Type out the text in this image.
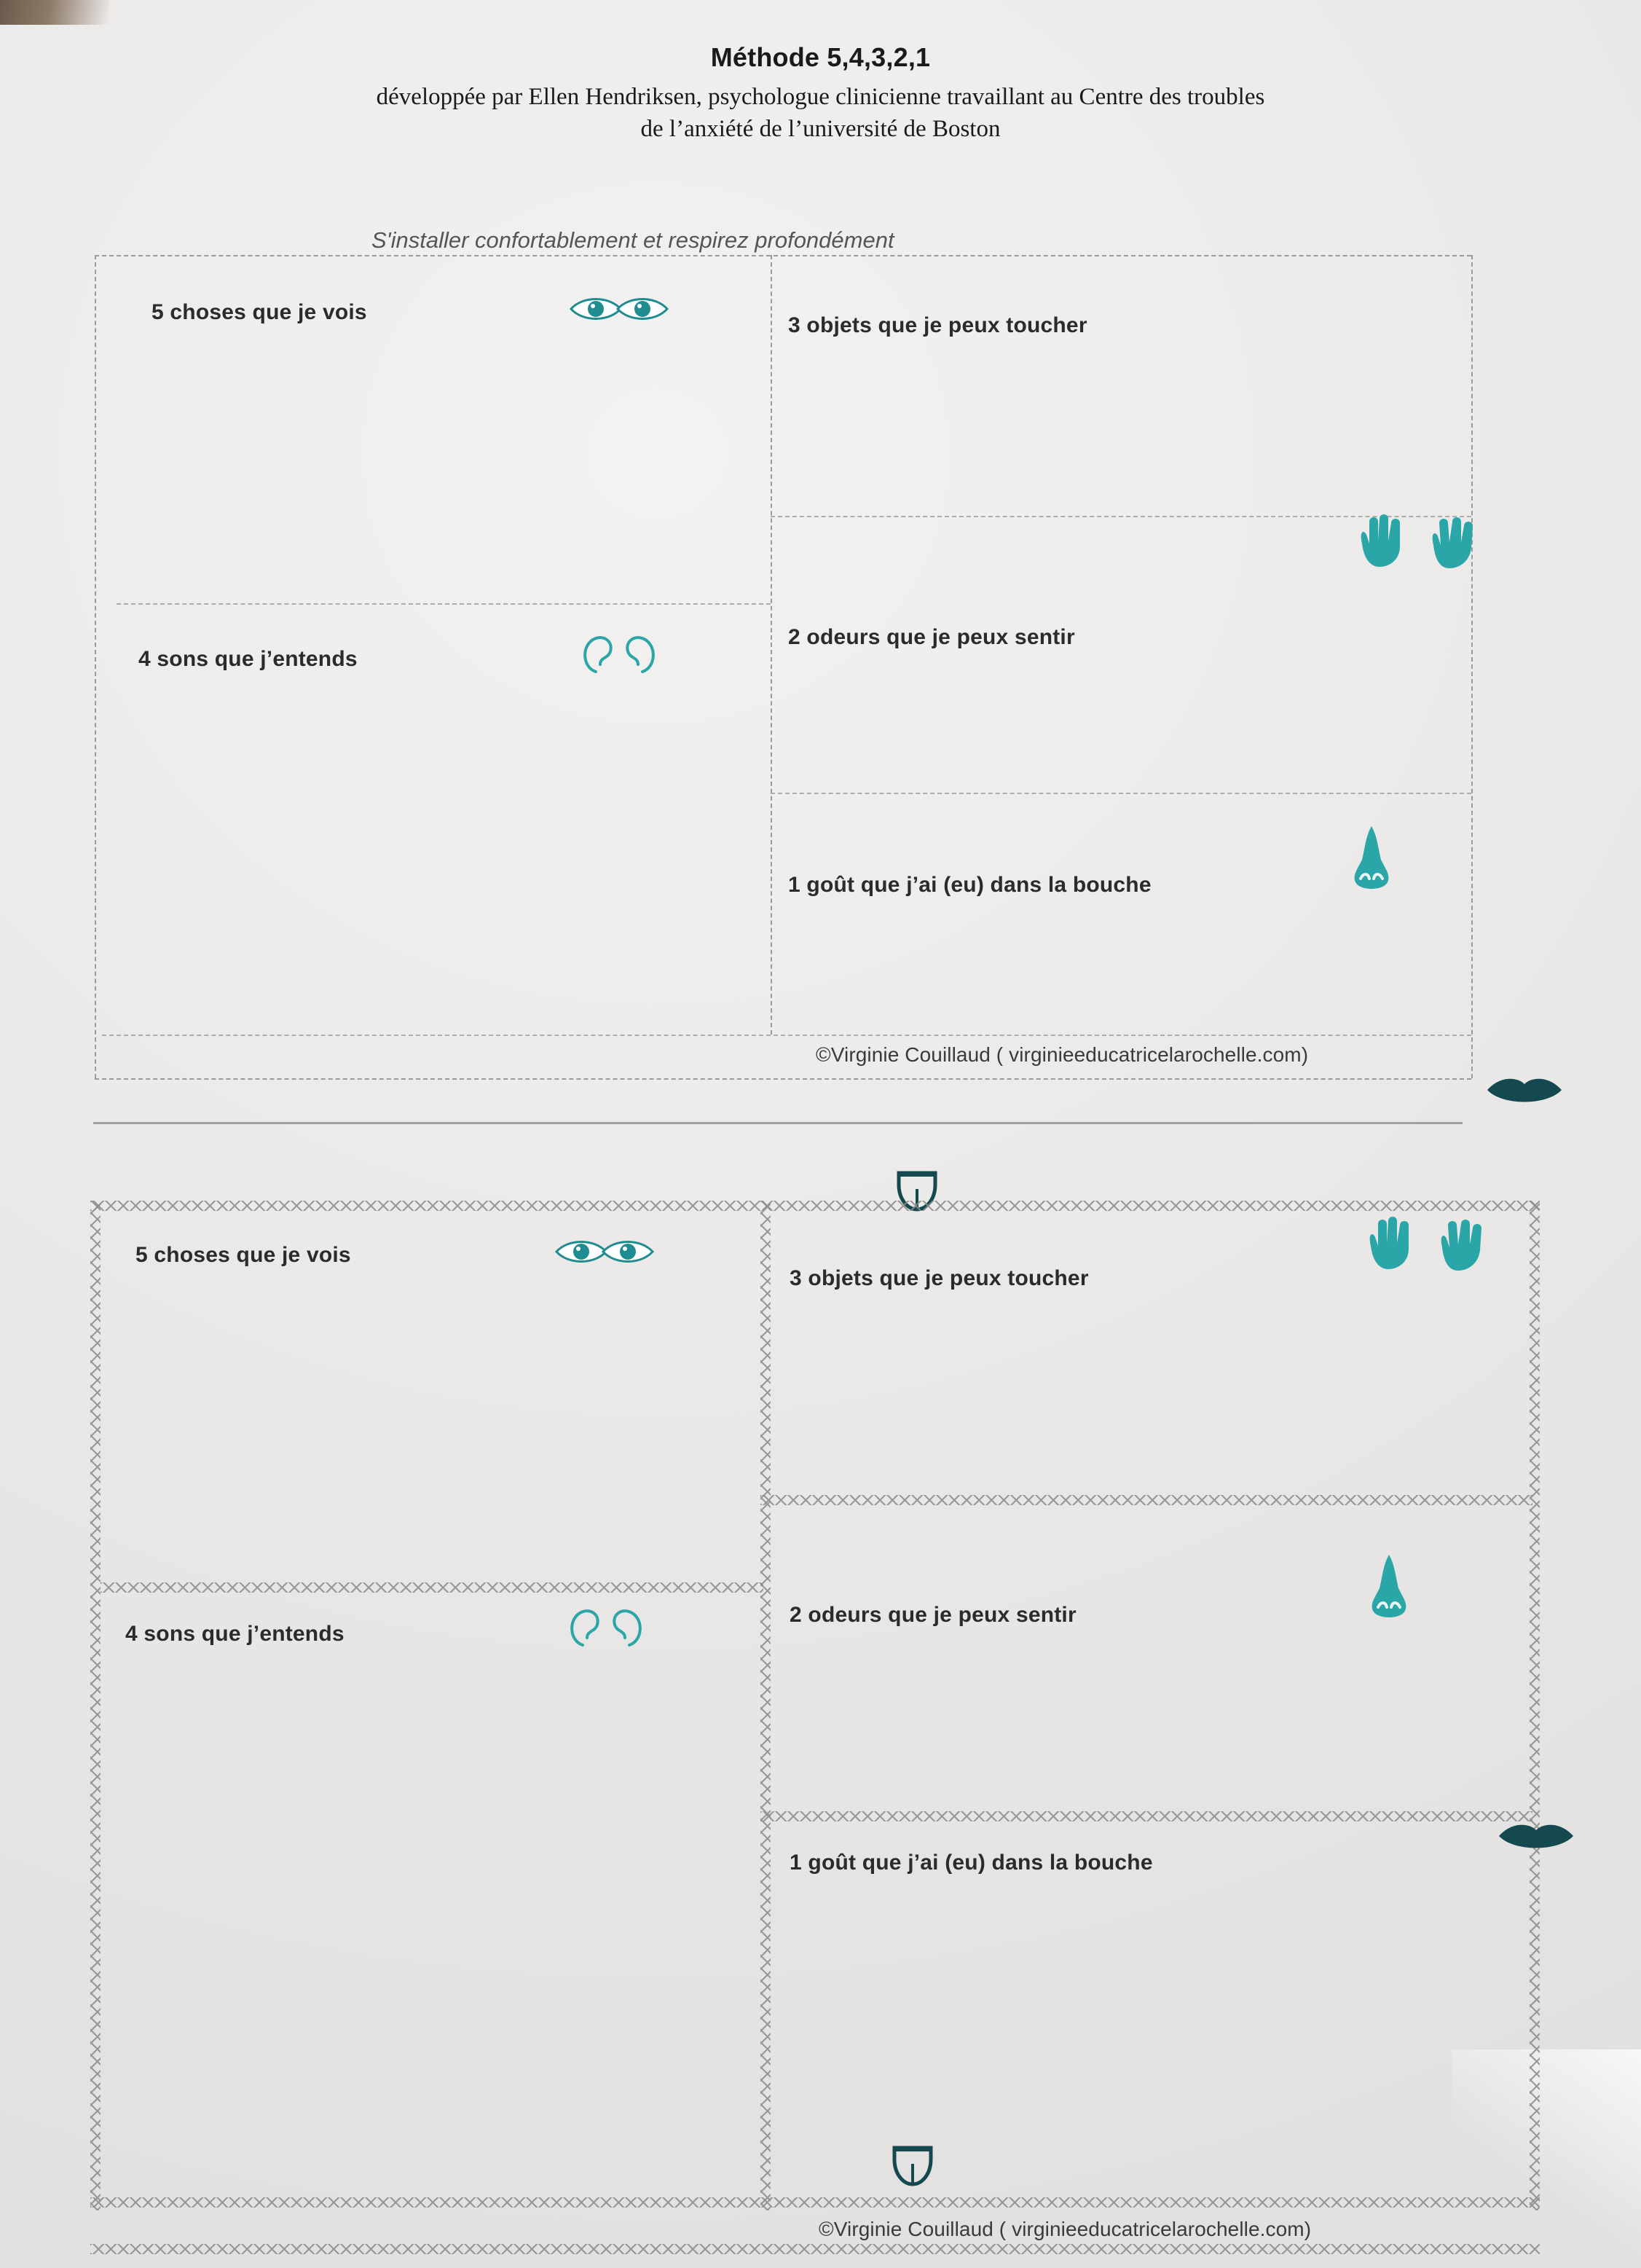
Méthode 5,4,3,2,1
développée par Ellen Hendriksen, psychologue clinicienne travaillant au Centre des troubles
de l’anxiété de l’université de Boston
S'installer confortablement et respirez profondément
5 choses que je vois
4 sons que j’entends
3 objets que je peux toucher
2 odeurs que je peux sentir
1 goût que j’ai (eu) dans la bouche
©Virginie Couillaud ( virginieeducatricelarochelle.com)
5 choses que je vois
4 sons que j’entends
3 objets que je peux toucher
2 odeurs que je peux sentir
1 goût que j’ai (eu) dans la bouche
©Virginie Couillaud ( virginieeducatricelarochelle.com)
